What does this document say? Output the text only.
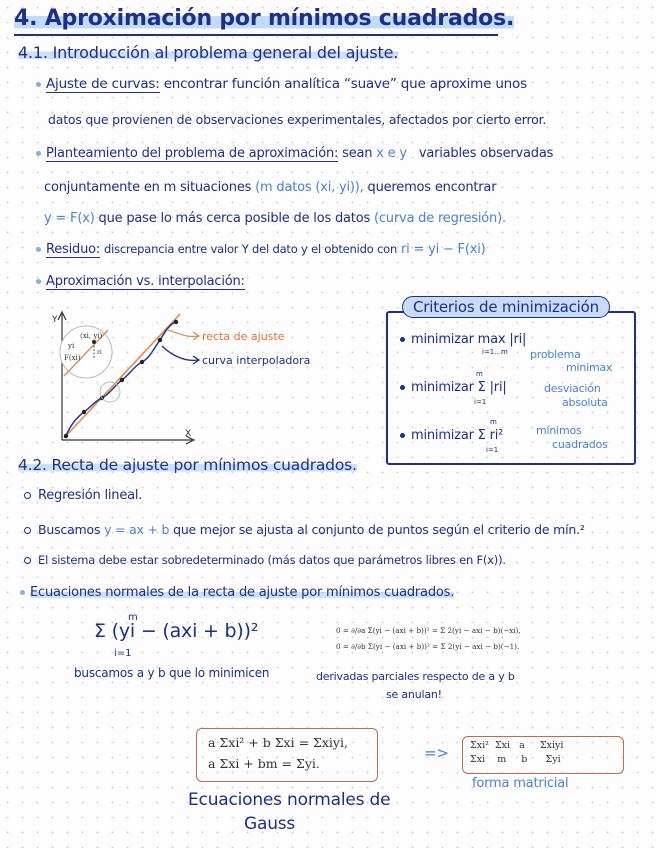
4. Aproximación por mínimos cuadrados.
4.1. Introducción al problema general del ajuste.
Ajuste de curvas: encontrar función analítica “suave” que aproxime unos
datos que provienen de observaciones experimentales, afectados por cierto error.
Planteamiento del problema de aproximación: sean x e y variables observadas
conjuntamente en m situaciones (m datos (xi, yi)), queremos encontrar
y = F(x) que pase lo más cerca posible de los datos (curva de regresión).
Residuo: discrepancia entre valor Y del dato y el obtenido con ri = yi − F(xi)
Aproximación vs. interpolación:
Y
X
(xi, yi)
yi
F(xi)
ri
recta de ajuste
curva interpoladora
Criterios de minimización
minimizar max |ri|
i=1...m problema
minimax
m
minimizar Σ |ri|
i=1
desviación
absoluta
m
minimizar Σ ri²
i=1
mínimos
cuadrados
4.2. Recta de ajuste por mínimos cuadrados.
Regresión lineal.
Buscamos y = ax + b que mejor se ajusta al conjunto de puntos según el criterio de mín.²
El sistema debe estar sobredeterminado (más datos que parámetros libres en F(x)).
Ecuaciones normales de la recta de ajuste por mínimos cuadrados.
m
Σ (yi − (axi + b))²
i=1
buscamos a y b que lo minimicen
0 = ∂/∂a Σ(yi − (axi + b))² = Σ 2(yi − axi − b)(−xi),
0 = ∂/∂b Σ(yi − (axi + b))² = Σ 2(yi − axi − b)(−1).
derivadas parciales respecto de a y b
se anulan!
a Σxi² + b Σxi = Σxiyi,
a Σxi + bm = Σyi.
=> Σxi²  Σxi   a     Σxiyi
Σxi    m     b      Σyi
forma matricial
Ecuaciones normales de
Gauss
